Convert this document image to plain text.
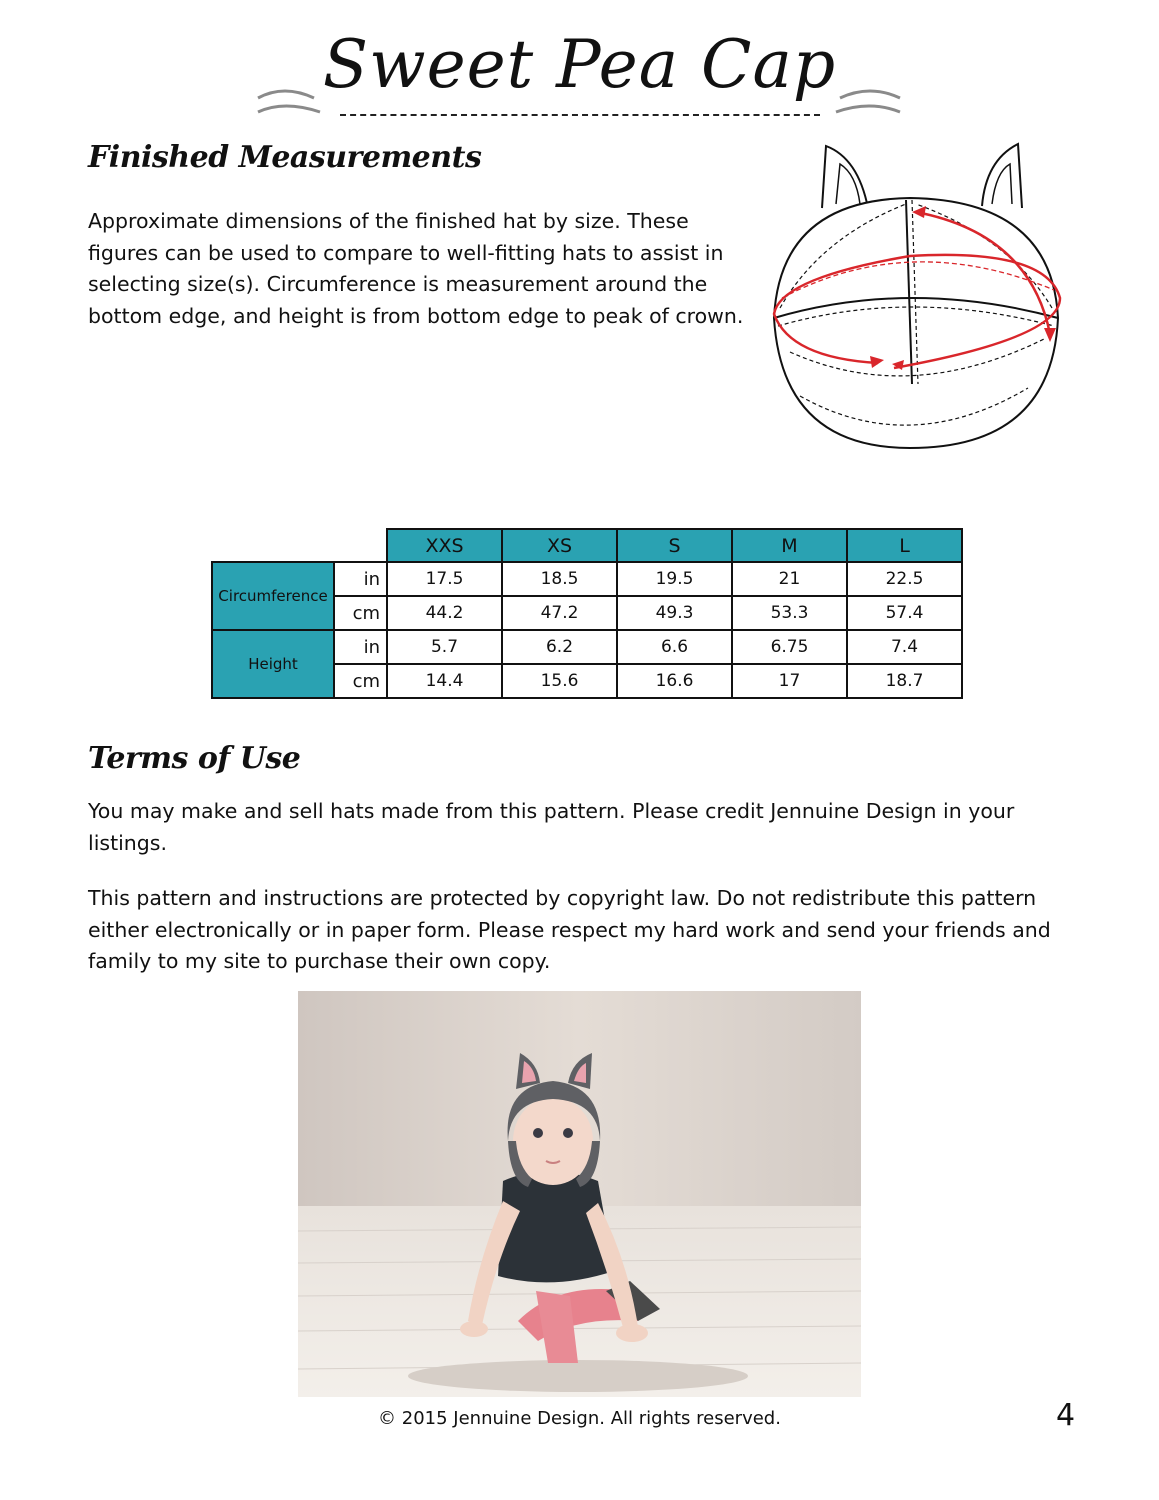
Sweet Pea Cap
Finished Measurements
Approximate dimensions of the finished hat by size. These figures can be used to compare to well-fitting hats to assist in selecting size(s). Circumference is measurement around the bottom edge, and height is from bottom edge to peak of crown.
		XXS	XS	S	M	L
Circumference	in	17.5	18.5	19.5	21	22.5
	cm	44.2	47.2	49.3	53.3	57.4
Height	in	5.7	6.2	6.6	6.75	7.4
	cm	14.4	15.6	16.6	17	18.7
Terms of Use
You may make and sell hats made from this pattern. Please credit Jennuine Design in your listings.
This pattern and instructions are protected by copyright law. Do not redistribute this pattern either electronically or in paper form. Please respect my hard work and send your friends and family to my site to purchase their own copy.
© 2015 Jennuine Design. All rights reserved.	4
